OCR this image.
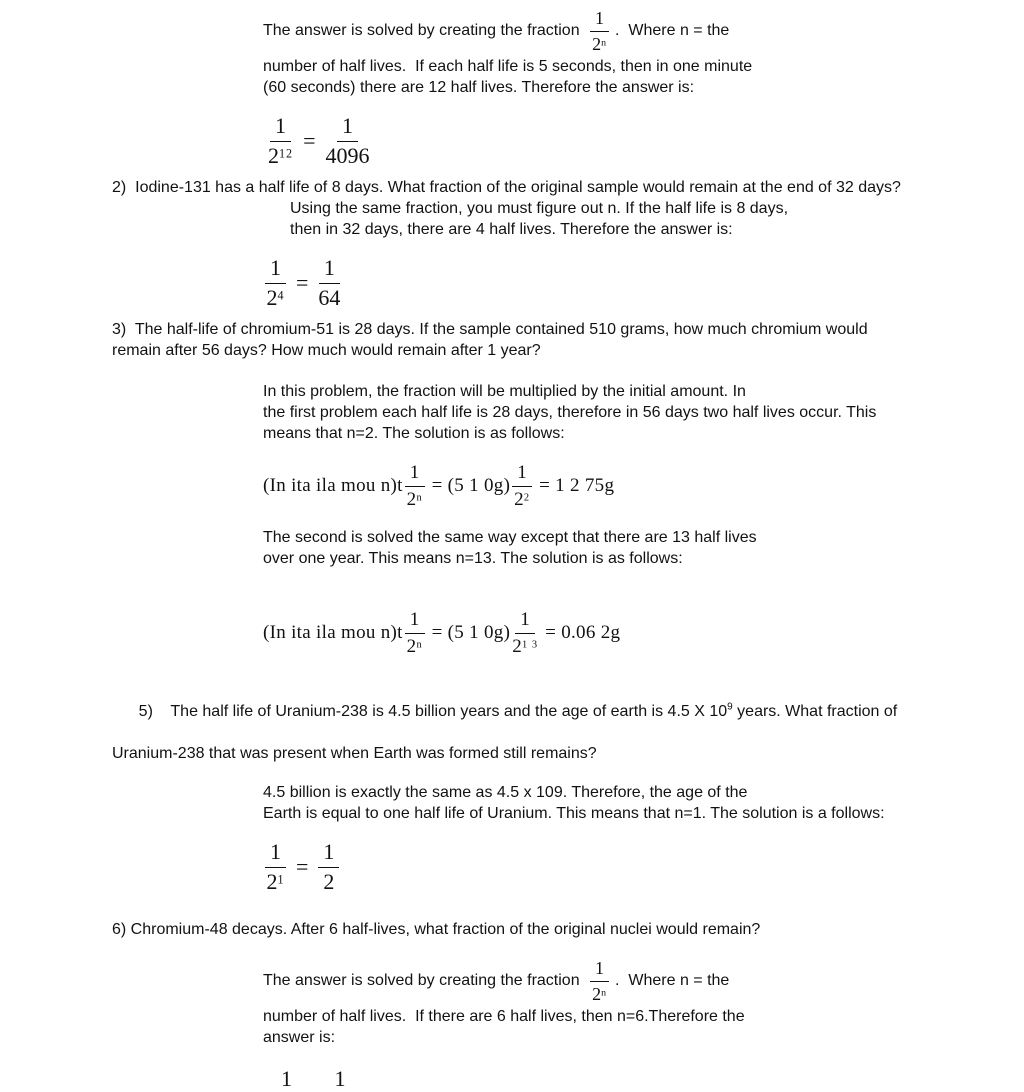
The answer is solved by creating the fraction $\frac{1}{2^n}$ .  Where n = the
number of half lives.  If each half life is 5 seconds, then in one minute
(60 seconds) there are 12 half lives. Therefore the answer is:
$\frac{1}{2^{12}} = \frac{1}{4096}$
2)  Iodine-131 has a half life of 8 days. What fraction of the original sample would remain at the end of 32 days?
Using the same fraction, you must figure out n. If the half life is 8 days,
then in 32 days, there are 4 half lives. Therefore the answer is:
$\frac{1}{2^4} = \frac{1}{64}$
3)  The half-life of chromium-51 is 28 days. If the sample contained 510 grams, how much chromium would
remain after 56 days? How much would remain after 1 year?
In this problem, the fraction will be multiplied by the initial amount. In
the first problem each half life is 28 days, therefore in 56 days two half lives occur. This
means that n=2. The solution is as follows:
(In ita ila mou $n)t \frac{1}{2^n} = (5$ 1 $0g) \frac{1}{2^2} = 1$ 2 75g
The second is solved the same way except that there are 13 half lives
over one year. This means n=13. The solution is as follows:
(In ita ila mou $n)t \frac{1}{2^n} = (5$ 1 $0g) \frac{1}{2^{1 3}} = 0.06$ 2g

5)    The half life of Uranium-238 is 4.5 billion years and the age of earth is 4.5 X $10^9$ years. What fraction of

Uranium-238 that was present when Earth was formed still remains?
4.5 billion is exactly the same as 4.5 x 109. Therefore, the age of the
Earth is equal to one half life of Uranium. This means that n=1. The solution is a follows:
$\frac{1}{2^1} = \frac{1}{2}$
6) Chromium-48 decays. After 6 half-lives, what fraction of the original nuclei would remain?
The answer is solved by creating the fraction $\frac{1}{2^n}$ .  Where n = the
number of half lives.  If there are 6 half lives, then n=6.Therefore the
answer is:
1 1
